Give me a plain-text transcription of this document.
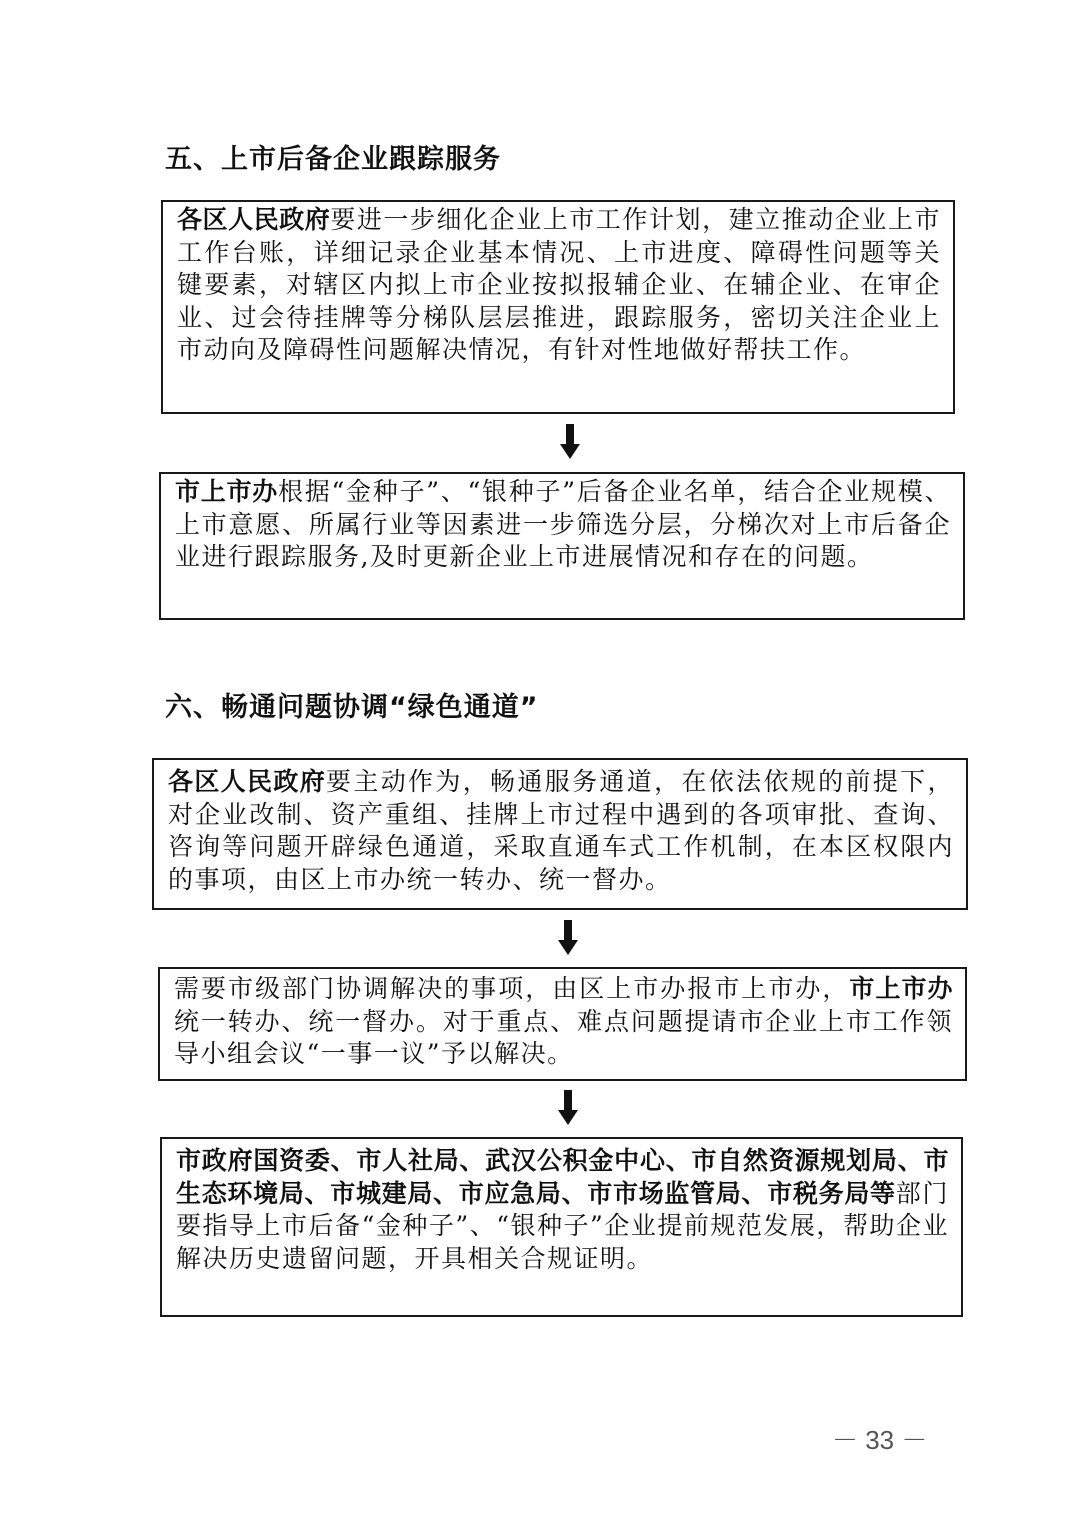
五、上市后备企业跟踪服务
各区人民政府要进一步细化企业上市工作计划，建立推动企业上市工作台账，详细记录企业基本情况、上市进度、障碍性问题等关键要素，对辖区内拟上市企业按拟报辅企业、在辅企业、在审企业、过会待挂牌等分梯队层层推进，跟踪服务，密切关注企业上市动向及障碍性问题解决情况，有针对性地做好帮扶工作。
市上市办根据“金种子”、“银种子”后备企业名单，结合企业规模、上市意愿、所属行业等因素进一步筛选分层，分梯次对上市后备企业进行跟踪服务,及时更新企业上市进展情况和存在的问题。
六、畅通问题协调“绿色通道”
各区人民政府要主动作为，畅通服务通道，在依法依规的前提下，对企业改制、资产重组、挂牌上市过程中遇到的各项审批、查询、咨询等问题开辟绿色通道，采取直通车式工作机制，在本区权限内的事项，由区上市办统一转办、统一督办。
需要市级部门协调解决的事项，由区上市办报市上市办，市上市办统一转办、统一督办。对于重点、难点问题提请市企业上市工作领导小组会议“一事一议”予以解决。
市政府国资委、市人社局、武汉公积金中心、市自然资源规划局、市生态环境局、市城建局、市应急局、市市场监管局、市税务局等部门要指导上市后备“金种子”、“银种子”企业提前规范发展，帮助企业解决历史遗留问题，开具相关合规证明。
－ 33 －
